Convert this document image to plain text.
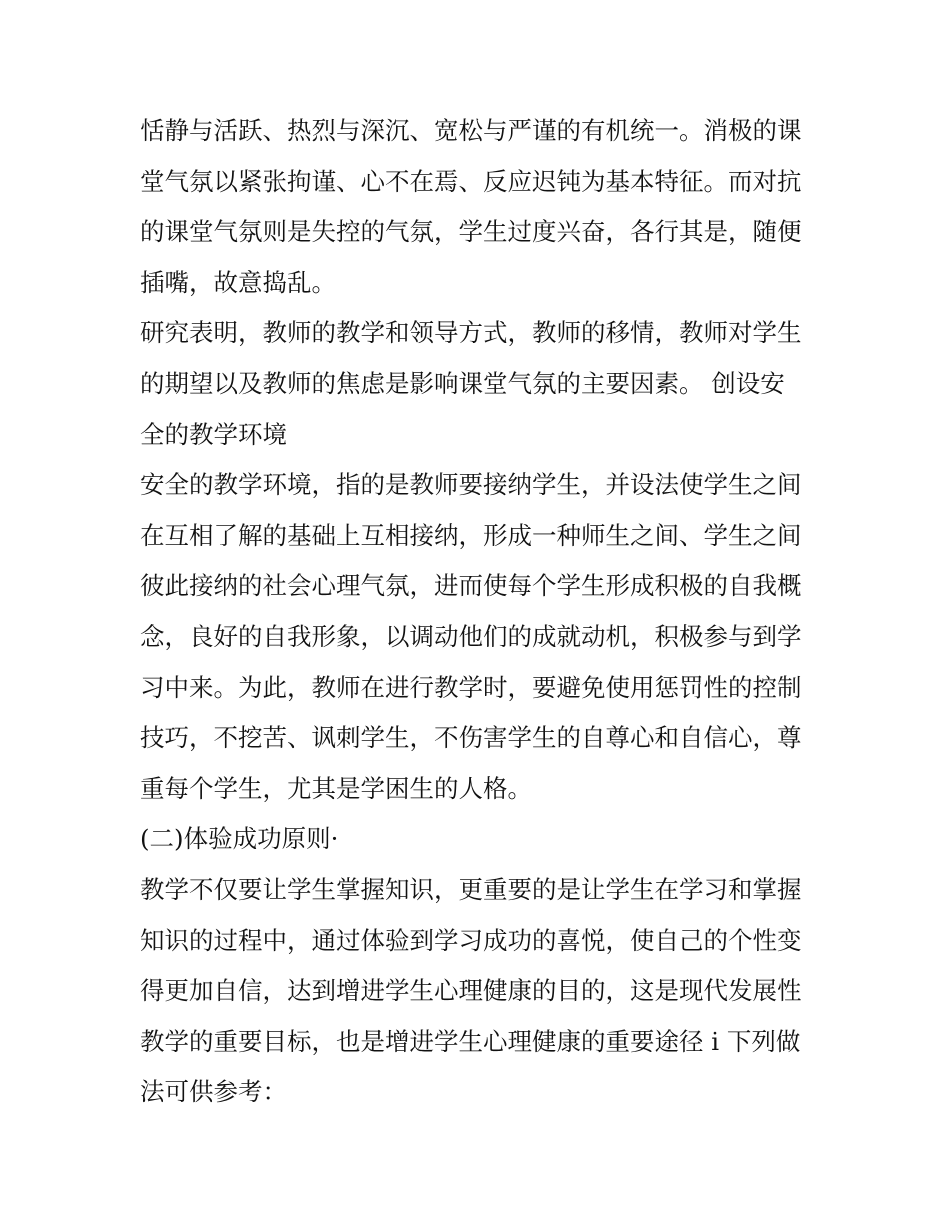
恬静与活跃、热烈与深沉、宽松与严谨的有机统一。消极的课
堂气氛以紧张拘谨、心不在焉、反应迟钝为基本特征。而对抗
的课堂气氛则是失控的气氛，学生过度兴奋，各行其是，随便
插嘴，故意捣乱。
研究表明，教师的教学和领导方式，教师的移情，教师对学生
的期望以及教师的焦虑是影响课堂气氛的主要因素。 创设安
全的教学环境
安全的教学环境，指的是教师要接纳学生，并设法使学生之间
在互相了解的基础上互相接纳，形成一种师生之间、学生之间
彼此接纳的社会心理气氛，进而使每个学生形成积极的自我概
念，良好的自我形象，以调动他们的成就动机，积极参与到学
习中来。为此，教师在进行教学时，要避免使用惩罚性的控制
技巧，不挖苦、讽刺学生，不伤害学生的自尊心和自信心，尊
重每个学生，尤其是学困生的人格。
(二)体验成功原则·
教学不仅要让学生掌握知识，更重要的是让学生在学习和掌握
知识的过程中，通过体验到学习成功的喜悦，使自己的个性变
得更加自信，达到增进学生心理健康的目的，这是现代发展性
教学的重要目标，也是增进学生心理健康的重要途径 i 下列做
法可供参考：
